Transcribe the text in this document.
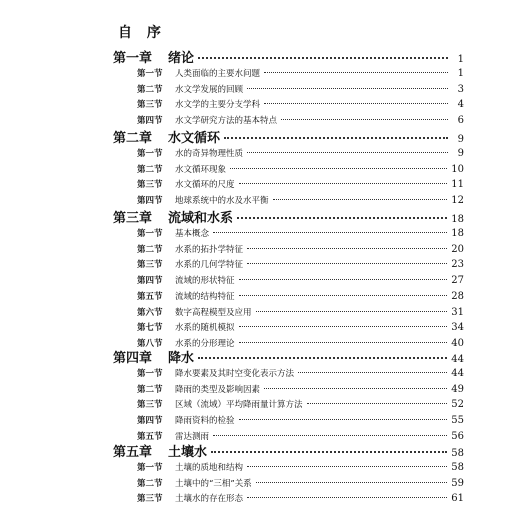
自 序
第一章 绪论	1
第一节	人类面临的主要水问题	1
第二节	水文学发展的回顾	3
第三节	水文学的主要分支学科	4
第四节	水文学研究方法的基本特点	6
第二章 水文循环	9
第一节	水的奇异物理性质	9
第二节	水文循环现象	10
第三节	水文循环的尺度	11
第四节	地球系统中的水及水平衡	12
第三章 流域和水系	18
第一节	基本概念	18
第二节	水系的拓扑学特征	20
第三节	水系的几何学特征	23
第四节	流域的形状特征	27
第五节	流域的结构特征	28
第六节	数字高程模型及应用	31
第七节	水系的随机模拟	34
第八节	水系的分形理论	40
第四章 降水	44
第一节	降水要素及其时空变化表示方法	44
第二节	降雨的类型及影响因素	49
第三节	区域（流域）平均降雨量计算方法	52
第四节	降雨资料的检验	55
第五节	雷达测雨	56
第五章 土壤水	58
第一节	土壤的质地和结构	58
第二节	土壤中的“三相”关系	59
第三节	土壤水的存在形态	61
